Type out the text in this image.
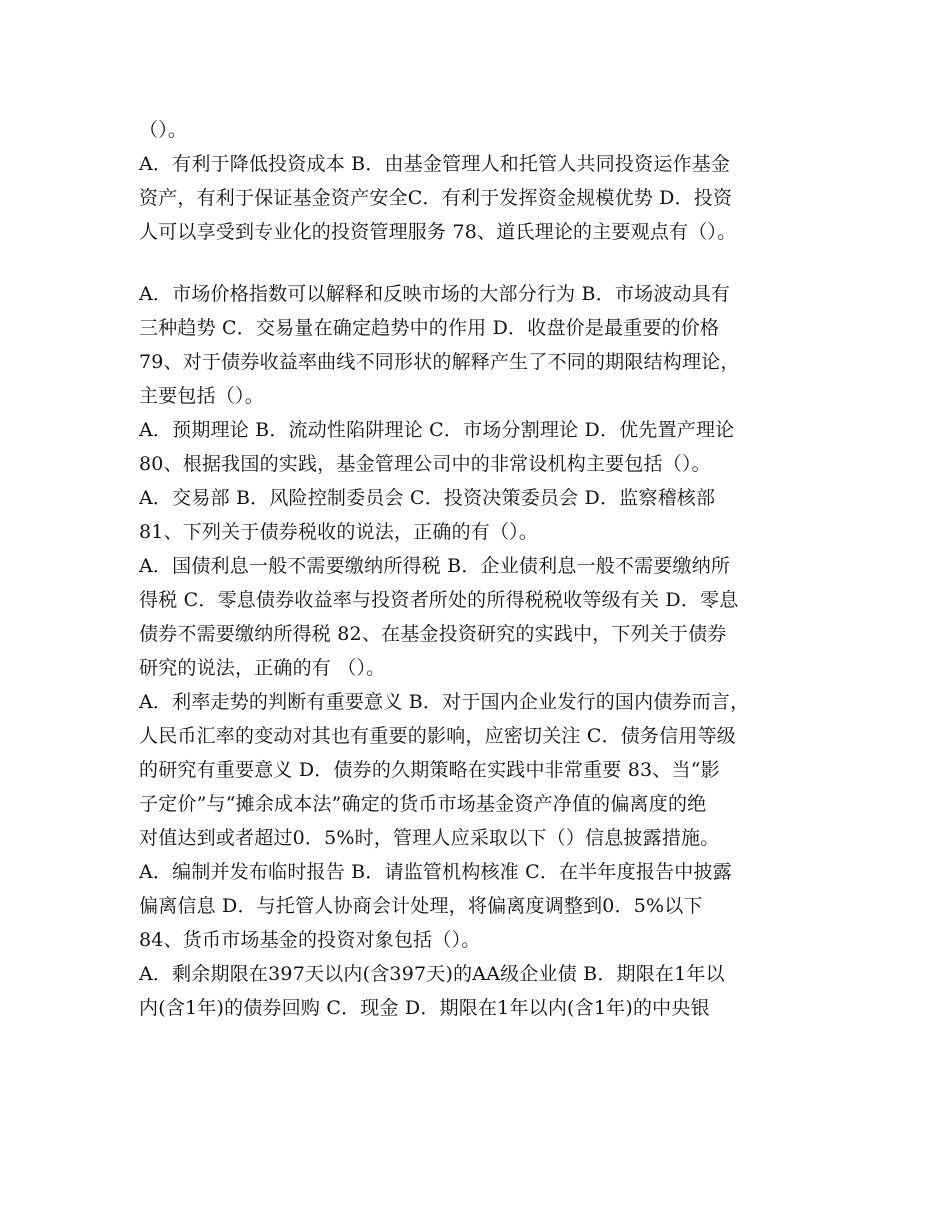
（）。
A．有利于降低投资成本 B．由基金管理人和托管人共同投资运作基金
资产，有利于保证基金资产安全C．有利于发挥资金规模优势 D．投资
人可以享受到专业化的投资管理服务 78、道氏理论的主要观点有（）。
A．市场价格指数可以解释和反映市场的大部分行为 B．市场波动具有
三种趋势 C．交易量在确定趋势中的作用 D．收盘价是最重要的价格
79、对于债券收益率曲线不同形状的解释产生了不同的期限结构理论，
主要包括（）。
A．预期理论 B．流动性陷阱理论 C．市场分割理论 D．优先置产理论
80、根据我国的实践，基金管理公司中的非常设机构主要包括（）。
A．交易部 B．风险控制委员会 C．投资决策委员会 D．监察稽核部
81、下列关于债券税收的说法，正确的有（）。
A．国债利息一般不需要缴纳所得税 B．企业债利息一般不需要缴纳所
得税 C．零息债券收益率与投资者所处的所得税税收等级有关 D．零息
债券不需要缴纳所得税 82、在基金投资研究的实践中，下列关于债券
研究的说法，正确的有 （）。
A．利率走势的判断有重要意义 B．对于国内企业发行的国内债券而言，
人民币汇率的变动对其也有重要的影响，应密切关注 C．债务信用等级
的研究有重要意义 D．债券的久期策略在实践中非常重要 83、当“影
子定价”与“摊余成本法”确定的货币市场基金资产净值的偏离度的绝
对值达到或者超过0．5%时，管理人应采取以下（）信息披露措施。
A．编制并发布临时报告 B．请监管机构核准 C．在半年度报告中披露
偏离信息 D．与托管人协商会计处理，将偏离度调整到0．5%以下
84、货币市场基金的投资对象包括（）。
A．剩余期限在397天以内(含397天)的AA级企业债 B．期限在1年以
内(含1年)的债券回购 C．现金 D．期限在1年以内(含1年)的中央银
